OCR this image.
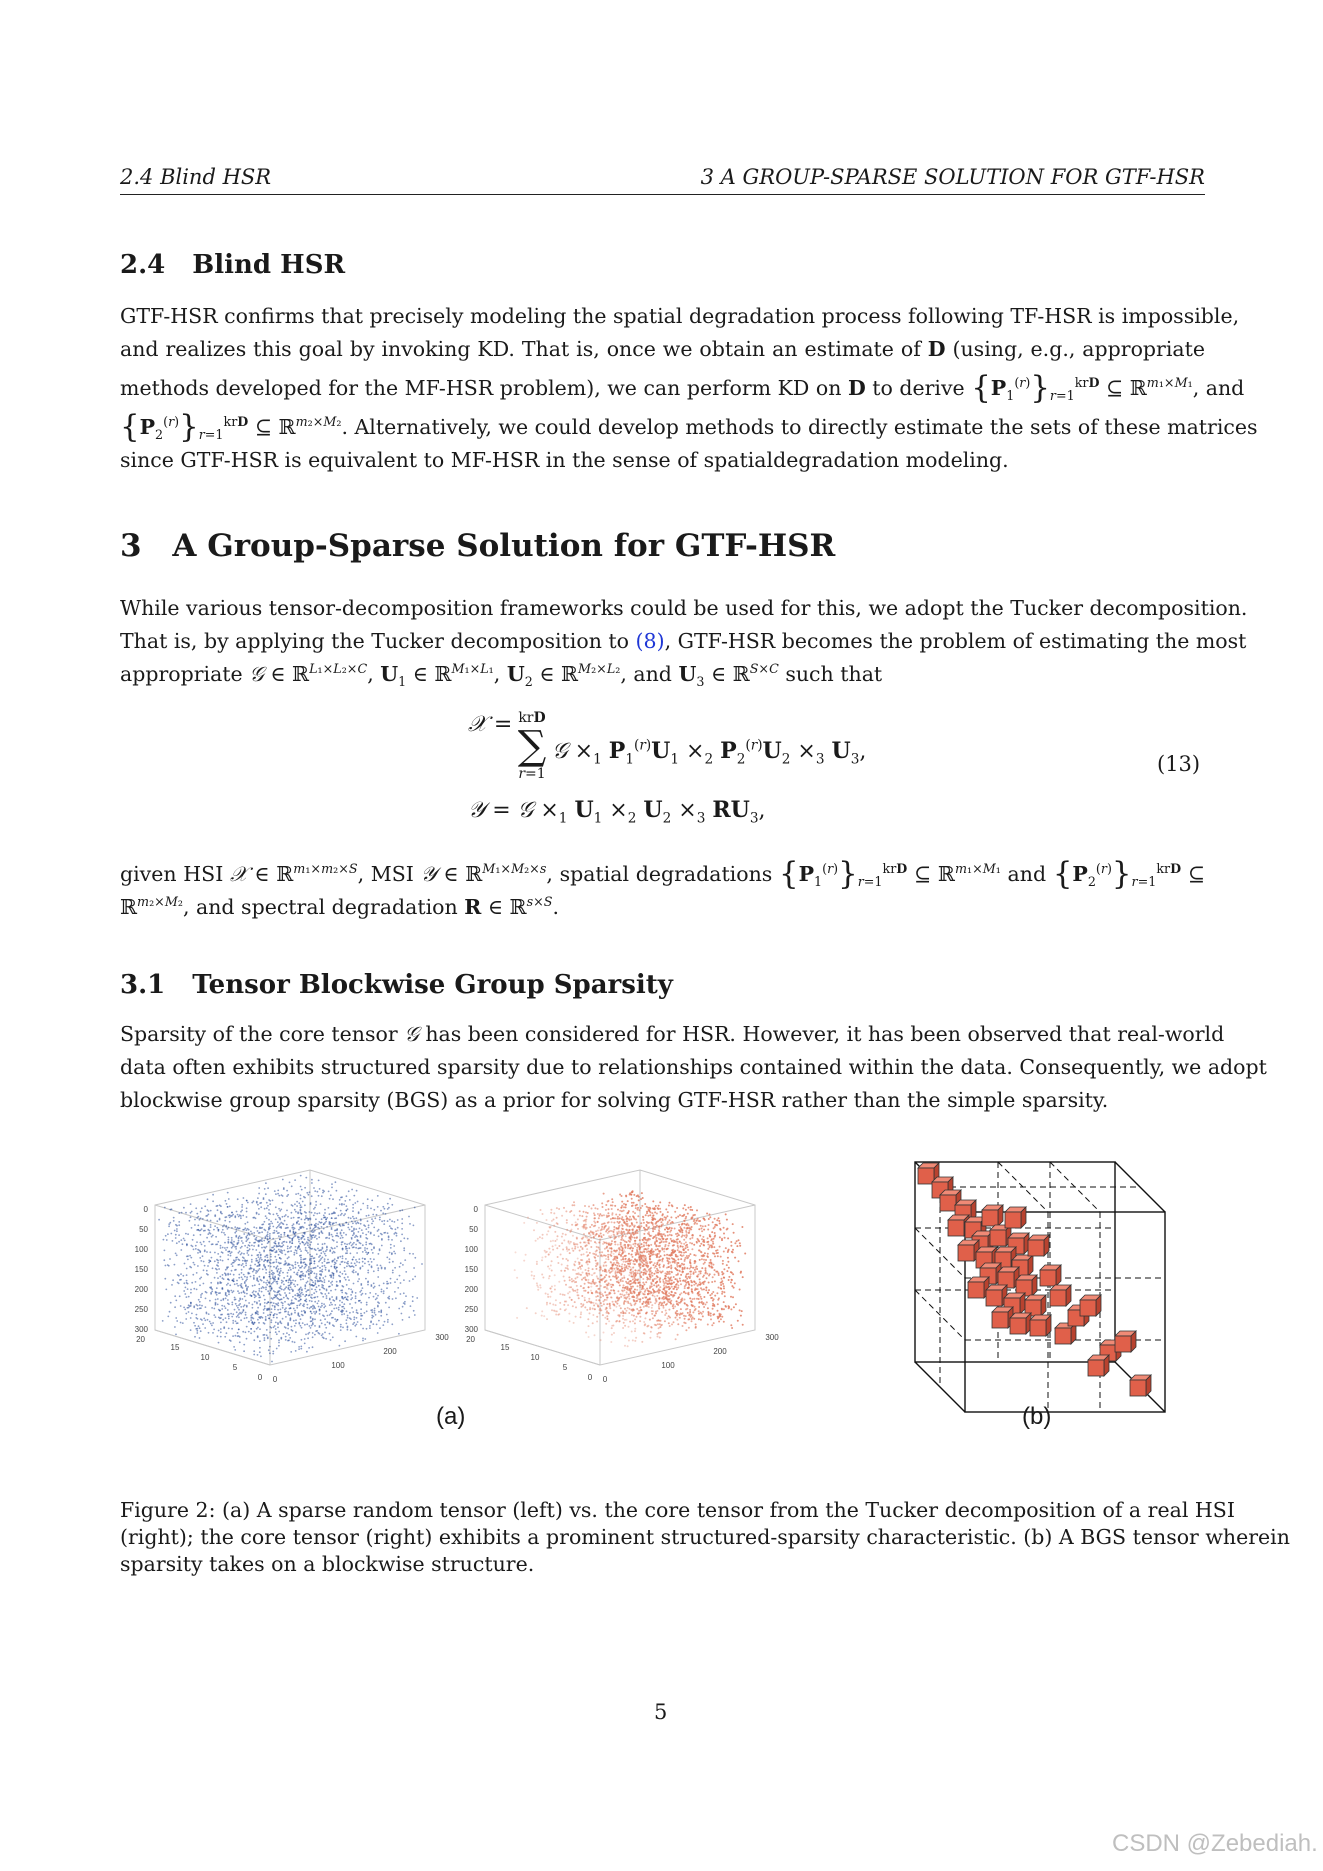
2.4 Blind HSR	3 A GROUP-SPARSE SOLUTION FOR GTF-HSR
2.4 Blind HSR
GTF-HSR confirms that precisely modeling the spatial degradation process following TF-HSR is impossible,
and realizes this goal by invoking KD. That is, once we obtain an estimate of D (using, e.g., appropriate
methods developed for the MF-HSR problem), we can perform KD on D to derive $\{P_1^{(r)}\}_{r=1}^{krD}$ ⊆ ℝ$^{m_1\times M_1}$, and
$\{P_2^{(r)}\}_{r=1}^{krD}$ ⊆ ℝ$^{m_2\times M_2}$. Alternatively, we could develop methods to directly estimate the sets of these matrices
since GTF-HSR is equivalent to MF-HSR in the sense of spatialdegradation modeling.
3 A Group-Sparse Solution for GTF-HSR
While various tensor-decomposition frameworks could be used for this, we adopt the Tucker decomposition.
That is, by applying the Tucker decomposition to (8), GTF-HSR becomes the problem of estimating the most
appropriate 𝒢 ∈ ℝ$^{L_1\times L_2\times C}$, $U_1$ ∈ ℝ$^{M_1\times L_1}$, $U_2$ ∈ ℝ$^{M_2\times L_2}$, and $U_3$ ∈ ℝ$^{S\times C}$ such that
𝒳 = krD
∑
r=1
𝒢 $\times_1$ $P_1^{(r)}U_1 \times_2$ $P_2^{(r)}U_2 \times_3$ $U_3$,	(13)
𝒴 = 𝒢 $\times_1$ $U_1 \times_2$ $U_2 \times_3$ $RU_3$,
given HSI 𝒳 ∈ ℝ$^{m_1\times m_2\times S}$, MSI 𝒴 ∈ ℝ$^{M_1\times M_2\times s}$, spatial degradations $\{P_1^{(r)}\}_{r=1}^{krD}$ ⊆ ℝ$^{m_1\times M_1}$ and $\{P_2^{(r)}\}_{r=1}^{krD}$ ⊆
ℝ$^{m_2\times M_2}$, and spectral degradation R ∈ ℝ$^{s\times S}$.
3.1 Tensor Blockwise Group Sparsity
Sparsity of the core tensor 𝒢 has been considered for HSR. However, it has been observed that real-world
data often exhibits structured sparsity due to relationships contained within the data. Consequently, we adopt
blockwise group sparsity (BGS) as a prior for solving GTF-HSR rather than the simple sparsity.
0
50
100
150
200
250
300
20
15
10
5
0 0
100
200
300
0
50
100
150
200
250
300
20
15
10
5
0 0
100
200
300
(a)	(b)
Figure 2: (a) A sparse random tensor (left) vs. the core tensor from the Tucker decomposition of a real HSI
(right); the core tensor (right) exhibits a prominent structured-sparsity characteristic. (b) A BGS tensor wherein
sparsity takes on a blockwise structure.
5
CSDN @Zebediah.
